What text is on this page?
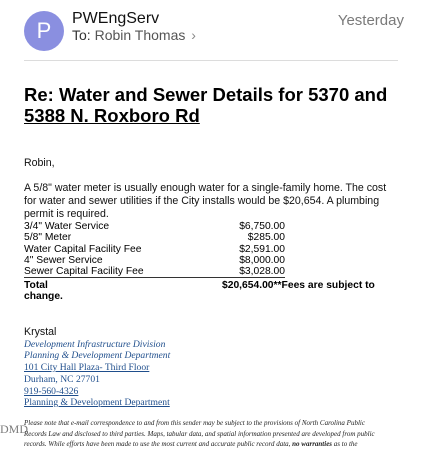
P	PWEngServ
To: Robin Thomas ›
Yesterday
Re: Water and Sewer Details for 5370 and
5388 N. Roxboro Rd
Robin,
A 5/8" water meter is usually enough water for a single-family home. The cost for water and sewer utilities if the City installs would be $20,654. A plumbing permit is required.
3/4" Water Service	$6,750.00
5/8" Meter	$285.00
Water Capital Facility Fee	$2,591.00
4" Sewer Service	$8,000.00
Sewer Capital Facility Fee	$3,028.00
Total	$20,654.00**Fees are subject to
change.
Krystal
Development Infrastructure Division
Planning & Development Department
101 City Hall Plaza- Third Floor
Durham, NC 27701
919-560-4326
Planning & Development Department
Please note that e-mail correspondence to and from this sender may be subject to the provisions of North Carolina Public
Records Law and disclosed to third parties. Maps, tabular data, and spatial information presented are developed from public
records. While efforts have been made to use the most current and accurate public record data, no warranties as to the
DMD
